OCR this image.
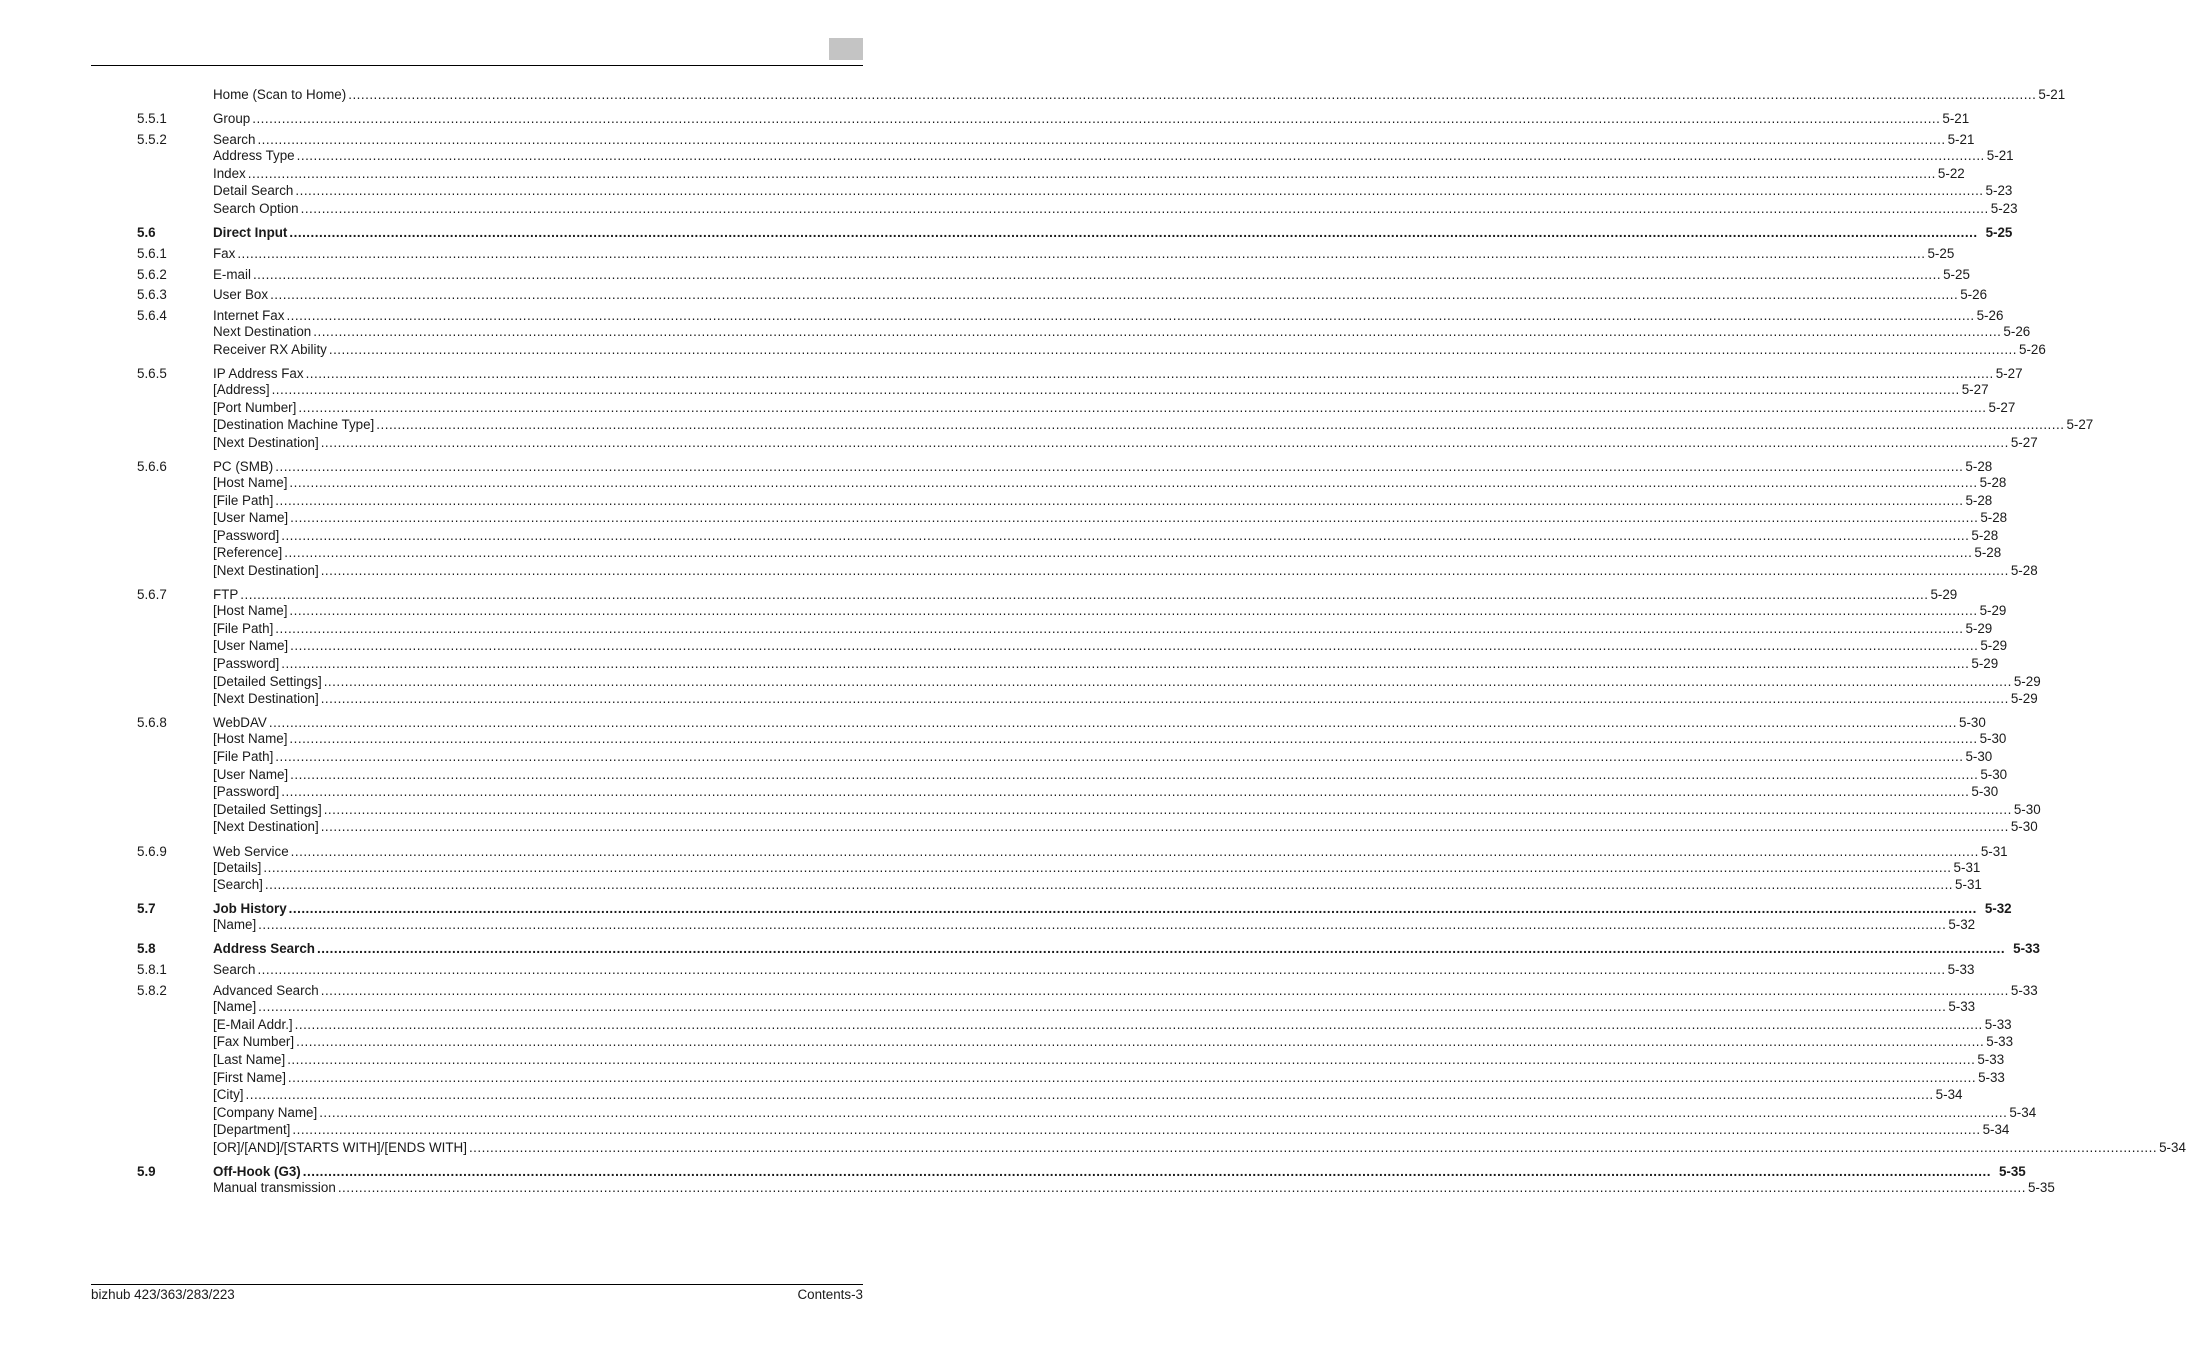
Home (Scan to Home) ................................................................................................................................................................................................................................................................................................................................................................................................................ 5-21
5.5.1	Group ................................................................................................................................................................................................................................................................................................................................................................................................................ 5-21
5.5.2	Search ................................................................................................................................................................................................................................................................................................................................................................................................................ 5-21
Address Type ................................................................................................................................................................................................................................................................................................................................................................................................................ 5-21
Index ................................................................................................................................................................................................................................................................................................................................................................................................................ 5-22
Detail Search ................................................................................................................................................................................................................................................................................................................................................................................................................ 5-23
Search Option ................................................................................................................................................................................................................................................................................................................................................................................................................ 5-23
5.6	Direct Input ................................................................................................................................................................................................................................................................................................................................................................................................................ 5-25
5.6.1	Fax ................................................................................................................................................................................................................................................................................................................................................................................................................ 5-25
5.6.2	E-mail ................................................................................................................................................................................................................................................................................................................................................................................................................ 5-25
5.6.3	User Box ................................................................................................................................................................................................................................................................................................................................................................................................................ 5-26
5.6.4	Internet Fax ................................................................................................................................................................................................................................................................................................................................................................................................................ 5-26
Next Destination ................................................................................................................................................................................................................................................................................................................................................................................................................ 5-26
Receiver RX Ability ................................................................................................................................................................................................................................................................................................................................................................................................................ 5-26
5.6.5	IP Address Fax ................................................................................................................................................................................................................................................................................................................................................................................................................ 5-27
[Address] ................................................................................................................................................................................................................................................................................................................................................................................................................ 5-27
[Port Number] ................................................................................................................................................................................................................................................................................................................................................................................................................ 5-27
[Destination Machine Type] ................................................................................................................................................................................................................................................................................................................................................................................................................ 5-27
[Next Destination] ................................................................................................................................................................................................................................................................................................................................................................................................................ 5-27
5.6.6	PC (SMB) ................................................................................................................................................................................................................................................................................................................................................................................................................ 5-28
[Host Name] ................................................................................................................................................................................................................................................................................................................................................................................................................ 5-28
[File Path] ................................................................................................................................................................................................................................................................................................................................................................................................................ 5-28
[User Name] ................................................................................................................................................................................................................................................................................................................................................................................................................ 5-28
[Password] ................................................................................................................................................................................................................................................................................................................................................................................................................ 5-28
[Reference] ................................................................................................................................................................................................................................................................................................................................................................................................................ 5-28
[Next Destination] ................................................................................................................................................................................................................................................................................................................................................................................................................ 5-28
5.6.7	FTP ................................................................................................................................................................................................................................................................................................................................................................................................................ 5-29
[Host Name] ................................................................................................................................................................................................................................................................................................................................................................................................................ 5-29
[File Path] ................................................................................................................................................................................................................................................................................................................................................................................................................ 5-29
[User Name] ................................................................................................................................................................................................................................................................................................................................................................................................................ 5-29
[Password] ................................................................................................................................................................................................................................................................................................................................................................................................................ 5-29
[Detailed Settings] ................................................................................................................................................................................................................................................................................................................................................................................................................ 5-29
[Next Destination] ................................................................................................................................................................................................................................................................................................................................................................................................................ 5-29
5.6.8	WebDAV ................................................................................................................................................................................................................................................................................................................................................................................................................ 5-30
[Host Name] ................................................................................................................................................................................................................................................................................................................................................................................................................ 5-30
[File Path] ................................................................................................................................................................................................................................................................................................................................................................................................................ 5-30
[User Name] ................................................................................................................................................................................................................................................................................................................................................................................................................ 5-30
[Password] ................................................................................................................................................................................................................................................................................................................................................................................................................ 5-30
[Detailed Settings] ................................................................................................................................................................................................................................................................................................................................................................................................................ 5-30
[Next Destination] ................................................................................................................................................................................................................................................................................................................................................................................................................ 5-30
5.6.9	Web Service ................................................................................................................................................................................................................................................................................................................................................................................................................ 5-31
[Details] ................................................................................................................................................................................................................................................................................................................................................................................................................ 5-31
[Search] ................................................................................................................................................................................................................................................................................................................................................................................................................ 5-31
5.7	Job History ................................................................................................................................................................................................................................................................................................................................................................................................................ 5-32
[Name] ................................................................................................................................................................................................................................................................................................................................................................................................................ 5-32
5.8	Address Search ................................................................................................................................................................................................................................................................................................................................................................................................................ 5-33
5.8.1	Search ................................................................................................................................................................................................................................................................................................................................................................................................................ 5-33
5.8.2	Advanced Search ................................................................................................................................................................................................................................................................................................................................................................................................................ 5-33
[Name] ................................................................................................................................................................................................................................................................................................................................................................................................................ 5-33
[E-Mail Addr.] ................................................................................................................................................................................................................................................................................................................................................................................................................ 5-33
[Fax Number] ................................................................................................................................................................................................................................................................................................................................................................................................................ 5-33
[Last Name] ................................................................................................................................................................................................................................................................................................................................................................................................................ 5-33
[First Name] ................................................................................................................................................................................................................................................................................................................................................................................................................ 5-33
[City] ................................................................................................................................................................................................................................................................................................................................................................................................................ 5-34
[Company Name] ................................................................................................................................................................................................................................................................................................................................................................................................................ 5-34
[Department] ................................................................................................................................................................................................................................................................................................................................................................................................................ 5-34
[OR]/[AND]/[STARTS WITH]/[ENDS WITH] ................................................................................................................................................................................................................................................................................................................................................................................................................ 5-34
5.9	Off-Hook (G3) ................................................................................................................................................................................................................................................................................................................................................................................................................ 5-35
Manual transmission ................................................................................................................................................................................................................................................................................................................................................................................................................ 5-35
bizhub 423/363/283/223	Contents-3
